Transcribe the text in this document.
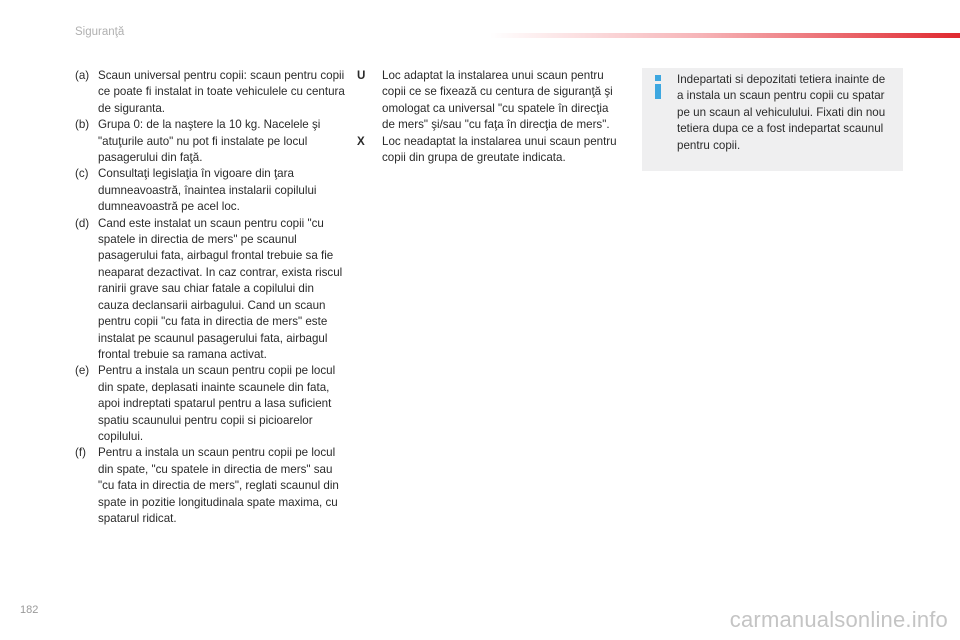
Siguranţă
(a) Scaun universal pentru copii: scaun pentru copii ce poate fi instalat in toate vehiculele cu centura de siguranta.
(b) Grupa 0: de la naştere la 10 kg. Nacelele şi "atuţurile auto" nu pot fi instalate pe locul pasagerului din faţă.
(c) Consultaţi legislaţia în vigoare din ţara dumneavoastră, înaintea instalarii copilului dumneavoastră pe acel loc.
(d) Cand este instalat un scaun pentru copii "cu spatele in directia de mers" pe scaunul pasagerului fata, airbagul frontal trebuie sa fie neaparat dezactivat. In caz contrar, exista riscul ranirii grave sau chiar fatale a copilului din cauza declansarii airbagului. Cand un scaun pentru copii "cu fata in directia de mers" este instalat pe scaunul pasagerului fata, airbagul frontal trebuie sa ramana activat.
(e) Pentru a instala un scaun pentru copii pe locul din spate, deplasati inainte scaunele din fata, apoi indreptati spatarul pentru a lasa suficient spatiu scaunului pentru copii si picioarelor copilului.
(f)	Pentru a instala un scaun pentru copii pe locul din spate, "cu spatele in directia de mers" sau "cu fata in directia de mers", reglati scaunul din spate in pozitie longitudinala spate maxima, cu spatarul ridicat.
U	Loc adaptat la instalarea unui scaun pentru copii ce se fixează cu centura de siguranţă şi omologat ca universal "cu spatele în direcţia de mers" şi/sau "cu faţa în direcţia de mers".
X	Loc neadaptat la instalarea unui scaun pentru copii din grupa de greutate indicata.
Indepartati si depozitati tetiera inainte de a instala un scaun pentru copii cu spatar pe un scaun al vehiculului. Fixati din nou tetiera dupa ce a fost indepartat scaunul pentru copii.
182	carmanualsonline.info
